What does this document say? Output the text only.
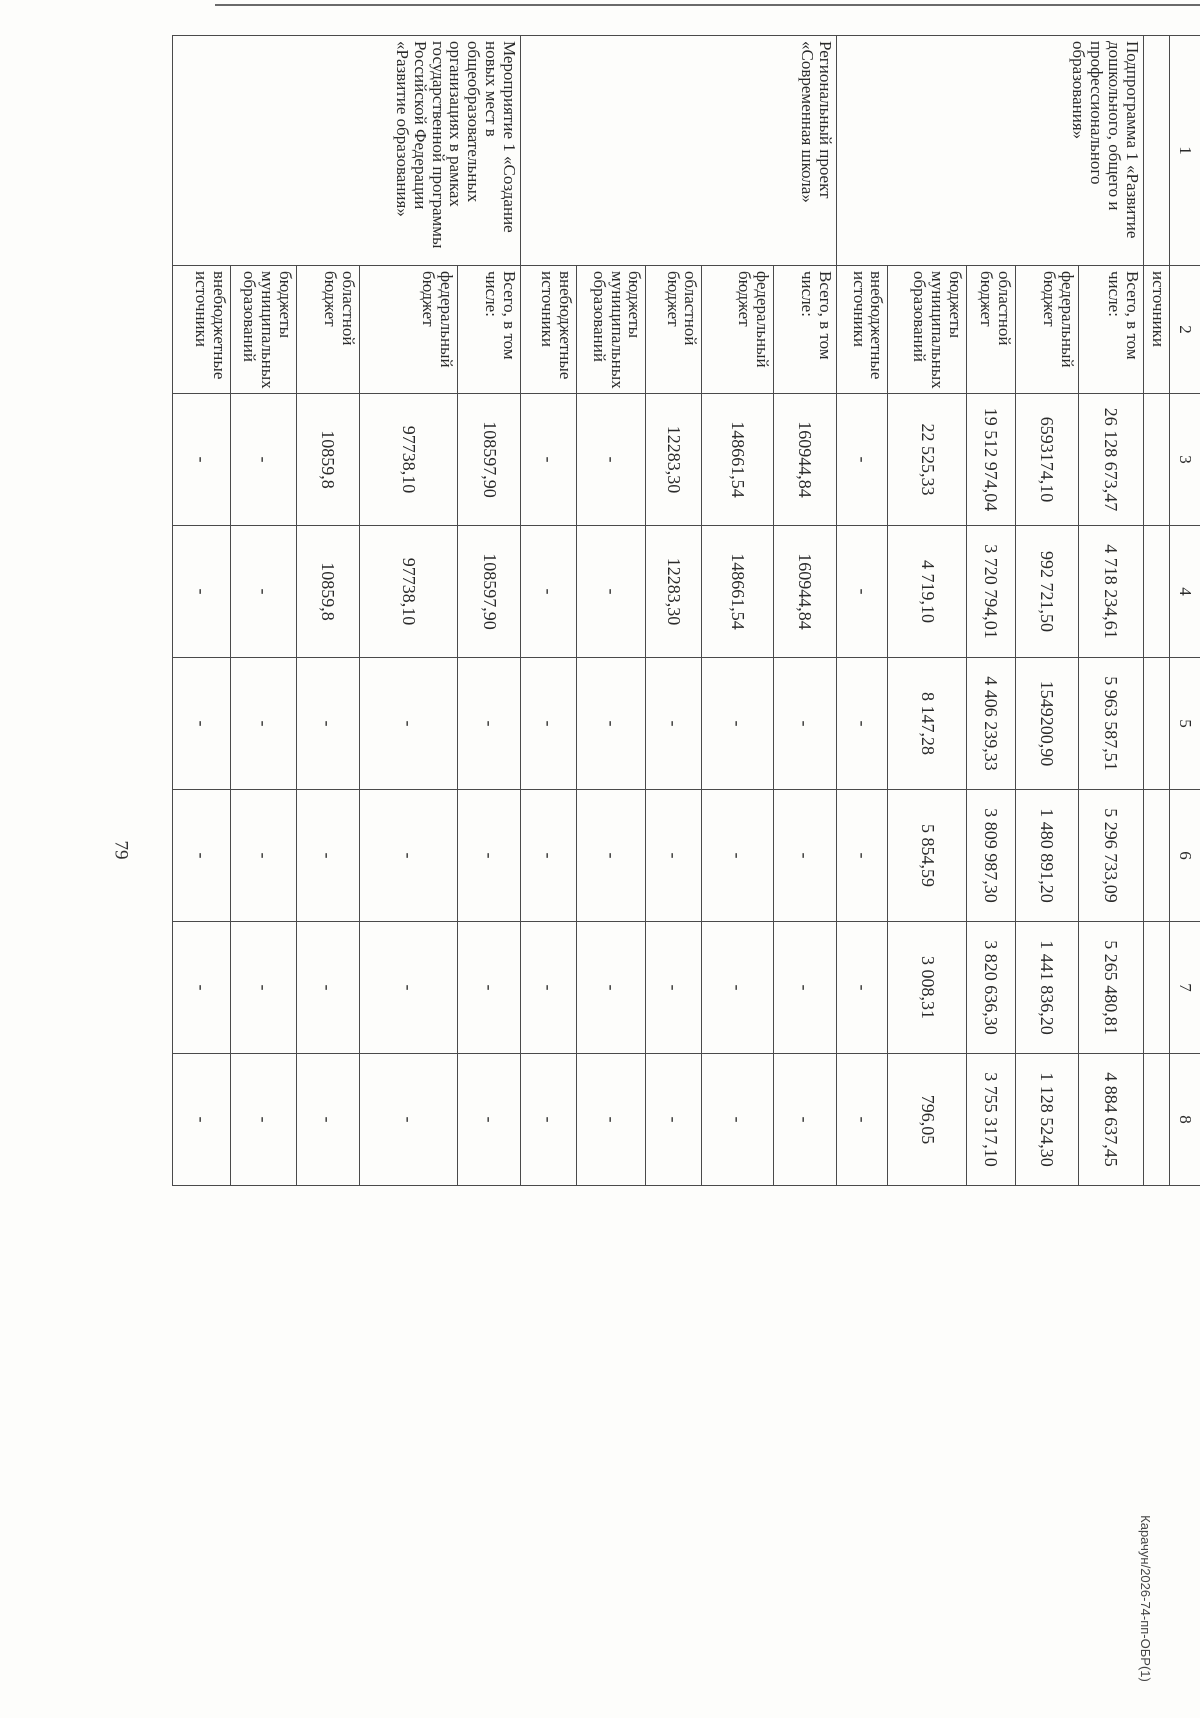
79
1	2	3	4	5	6	7	8
	источники						
Подпрограмма 1 «Развитие дошкольного, общего и профессионального образования»	Всего, в том числе:	26 128 673,47	4 718 234,61	5 963 587,51	5 296 733,09	5 265 480,81	4 884 637,45
	федеральный бюджет	6593174,10	992 721,50	1549200,90	1 480 891,20	1 441 836,20	1 128 524,30
	областной бюджет	19 512 974,04	3 720 794,01	4 406 239,33	3 809 987,30	3 820 636,30	3 755 317,10
	бюджеты муниципальных образований	22 525,33	4 719,10	8 147,28	5 854,59	3 008,31	796,05
	внебюджетные источники	-	-	-	-	-	-
Региональный проект «Современная школа»	Всего, в том числе:	160944,84	160944,84	-	-	-	-
	федеральный бюджет	148661,54	148661,54	-	-	-	-
	областной бюджет	12283,30	12283,30	-	-	-	-
	бюджеты муниципальных образований	-	-	-	-	-	-
	внебюджетные источники	-	-	-	-	-	-
Мероприятие 1 «Создание новых мест в общеобразовательных организациях в рамках государственной программы Российской Федерации «Развитие образования»	Всего, в том числе:	108597,90	108597,90	-	-	-	-
	федеральный бюджет	97738,10	97738,10	-	-	-	-
	областной бюджет	10859,8	10859,8	-	-	-	-
	бюджеты муниципальных образований	-	-	-	-	-	-
	внебюджетные источники	-	-	-	-	-	-
Карачун/2026-74-пп-ОБР(1)
